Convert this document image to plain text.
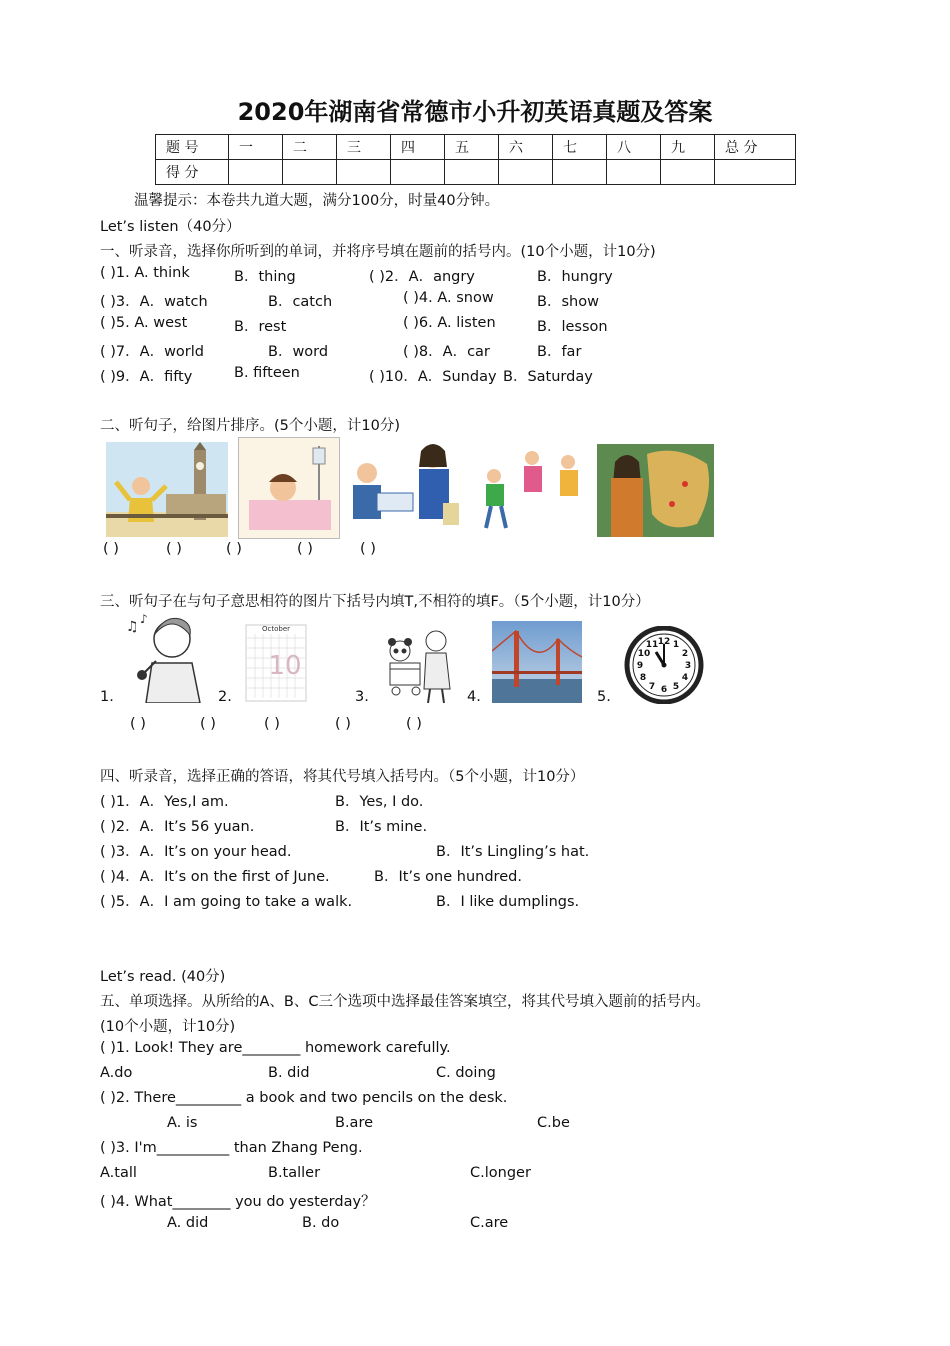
2020年湖南省常德市小升初英语真题及答案
题 号	一	二	三	四	五	六	七	八	九	总 分
得 分										
温馨提示：本卷共九道大题，满分100分，时量40分钟。
Let’s listen（40分）
一、听录音，选择你所听到的单词，并将序号填在题前的括号内。(10个小题，计10分)
( )1. A. think	B．thing	( )2．A．angry	B．hungry
( )3．A．watch	B．catch	( )4. A. snow	B．show
( )5. A. west	B．rest	( )6. A. listen	B．lesson
( )7．A．world	B．word	( )8．A．car	B．far
( )9．A．fifty	B. fifteen	( )10．A．Sunday B．Saturday
二、听句子，给图片排序。(5个小题，计10分)
( )	( )	( )	( )	( )
三、听句子在与句子意思相符的图片下括号内填T,不相符的填F。（5个小题，计10分）
1.
♫ ♪
2.
October
10
3.	4.	5.
12 1
2
3
4
5
6
7
8
9
10
11
( )	( )	( )	( )	( )
四、听录音，选择正确的答语，将其代号填入括号内。（5个小题，计10分）
( )1．A．Yes,I am.	B．Yes, I do.
( )2．A．It’s 56 yuan.	B．It’s mine.
( )3．A．It’s on your head.	B．It’s Lingling’s hat.
( )4．A．It’s on the first of June.	B．It’s one hundred.
( )5．A．I am going to take a walk.	B．I like dumplings.
Let’s read. (40分)
五、单项选择。从所给的A、B、C三个选项中选择最佳答案填空，将其代号填入题前的括号内。
(10个小题，计10分)
( )1. Look! They are________ homework carefully.
A.do	B. did	C. doing
( )2. There_________ a book and two pencils on the desk.
A. is	B.are	C.be
( )3. I'm__________ than Zhang Peng.
A.tall	B.taller	C.longer
( )4. What________ you do yesterday？
A. did	B. do	C.are
